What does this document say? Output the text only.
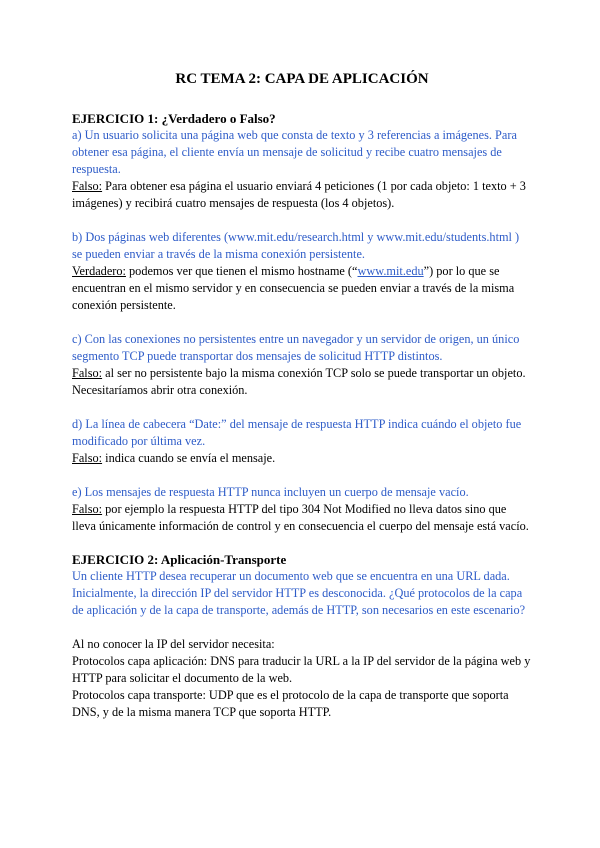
RC TEMA 2: CAPA DE APLICACIÓN
EJERCICIO 1: ¿Verdadero o Falso?

a) Un usuario solicita una página web que consta de texto y 3 referencias a imágenes. Para obtener esa página, el cliente envía un mensaje de solicitud y recibe cuatro mensajes de respuesta.

Falso: Para obtener esa página el usuario enviará 4 peticiones (1 por cada objeto: 1 texto + 3 imágenes) y recibirá cuatro mensajes de respuesta (los 4 objetos).

b) Dos páginas web diferentes (www.mit.edu/research.html y www.mit.edu/students.html ) se pueden enviar a través de la misma conexión persistente.

Verdadero: podemos ver que tienen el mismo hostname (“www.mit.edu”) por lo que se encuentran en el mismo servidor y en consecuencia se pueden enviar a través de la misma conexión persistente.

c) Con las conexiones no persistentes entre un navegador y un servidor de origen, un único segmento TCP puede transportar dos mensajes de solicitud HTTP distintos.

Falso: al ser no persistente bajo la misma conexión TCP solo se puede transportar un objeto. Necesitaríamos abrir otra conexión.

d) La línea de cabecera “Date:” del mensaje de respuesta HTTP indica cuándo el objeto fue modificado por última vez.

Falso: indica cuando se envía el mensaje.

e) Los mensajes de respuesta HTTP nunca incluyen un cuerpo de mensaje vacío.

Falso: por ejemplo la respuesta HTTP del tipo 304 Not Modified no lleva datos sino que lleva únicamente información de control y en consecuencia el cuerpo del mensaje está vacío.

EJERCICIO 2: Aplicación-Transporte

Un cliente HTTP desea recuperar un documento web que se encuentra en una URL dada. Inicialmente, la dirección IP del servidor HTTP es desconocida. ¿Qué protocolos de la capa de aplicación y de la capa de transporte, además de HTTP, son necesarios en este escenario?

Al no conocer la IP del servidor necesita:

Protocolos capa aplicación: DNS para traducir la URL a la IP del servidor de la página web y HTTP para solicitar el documento de la web.

Protocolos capa transporte: UDP que es el protocolo de la capa de transporte que soporta DNS, y de la misma manera TCP que soporta HTTP.
